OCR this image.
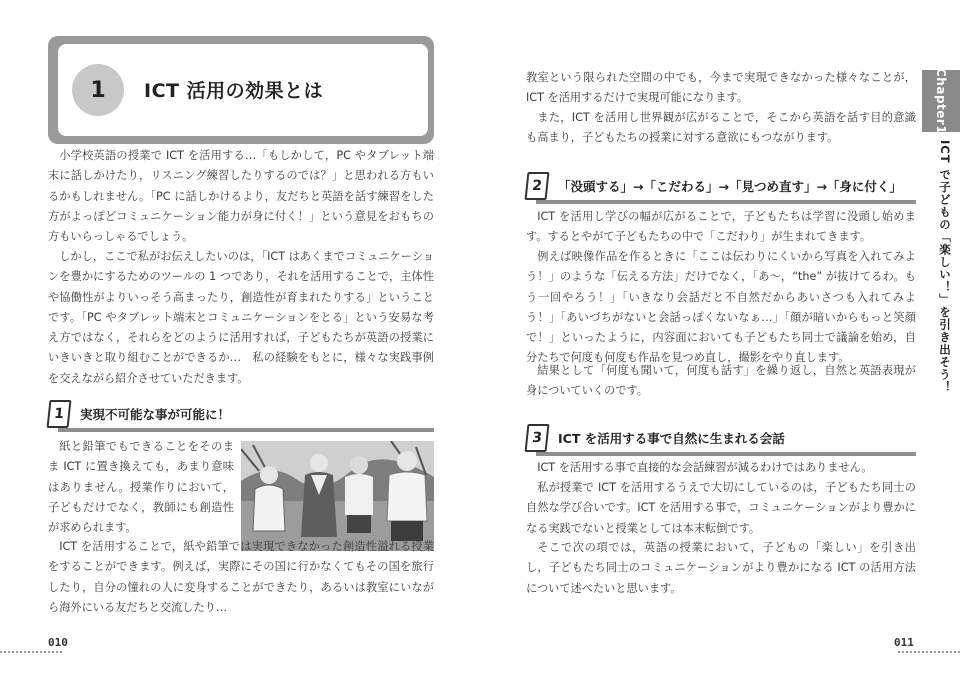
1	ICT 活用の効果とは

小学校英語の授業で ICT を活用する…「もしかして，PC やタブレット端末に話しかけたり，リスニング練習したりするのでは？」と思われる方もいるかもしれません。「PC に話しかけるより，友だちと英語を話す練習をした方がよっぽどコミュニケーション能力が身に付く！」という意見をおもちの方もいらっしゃるでしょう。

しかし，ここで私がお伝えしたいのは，「ICT はあくまでコミュニケーションを豊かにするためのツールの 1 つであり，それを活用することで，主体性や協働性がよりいっそう高まったり，創造性が育まれたりする」ということです。「PC やタブレット端末とコミュニケーションをとる」という安易な考え方ではなく，それらをどのように活用すれば，子どもたちが英語の授業にいきいきと取り組むことができるか…　私の経験をもとに，様々な実践事例を交えながら紹介させていただきます。

1	実現不可能な事が可能に！

紙と鉛筆でもできることをそのまま ICT に置き換えても，あまり意味はありません。授業作りにおいて，子どもだけでなく，教師にも創造性が求められます。

ICT を活用することで，紙や鉛筆では実現できなかった創造性溢れる授業をすることができます。例えば，実際にその国に行かなくてもその国を旅行したり，自分の憧れの人に変身することができたり，あるいは教室にいながら海外にいる友だちと交流したり…

010

教室という限られた空間の中でも，今まで実現できなかった様々なことが，ICT を活用するだけで実現可能になります。

また，ICT を活用し世界観が広がることで，そこから英語を話す目的意識も高まり，子どもたちの授業に対する意欲にもつながります。

2	「没頭する」→「こだわる」→「見つめ直す」→「身に付く」

ICT を活用し学びの幅が広がることで，子どもたちは学習に没頭し始めます。するとやがて子どもたちの中で「こだわり」が生まれてきます。

例えば映像作品を作るときに「ここは伝わりにくいから写真を入れてみよう！」のような「伝える方法」だけでなく，「あ～，“the” が抜けてるわ。もう一回やろう！」「いきなり会話だと不自然だからあいさつも入れてみよう！」「あいづちがないと会話っぽくないなぁ…」「顔が暗いからもっと笑顔で！」といったように，内容面においても子どもたち同士で議論を始め，自分たちで何度も何度も作品を見つめ直し，撮影をやり直します。

結果として「何度も聞いて，何度も話す」を繰り返し，自然と英語表現が身についていくのです。

3	ICT を活用する事で自然に生まれる会話

ICT を活用する事で直接的な会話練習が減るわけではありません。

私が授業で ICT を活用するうえで大切にしているのは，子どもたち同士の自然な学び合いです。ICT を活用する事で，コミュニケーションがより豊かになる実践でないと授業としては本末転倒です。

そこで次の項では，英語の授業において，子どもの「楽しい」を引き出し，子どもたち同士のコミュニケーションがより豊かになる ICT の活用方法について述べたいと思います。

011
Chapter1
ICT で子どもの「楽しい！」を引き出そう！
